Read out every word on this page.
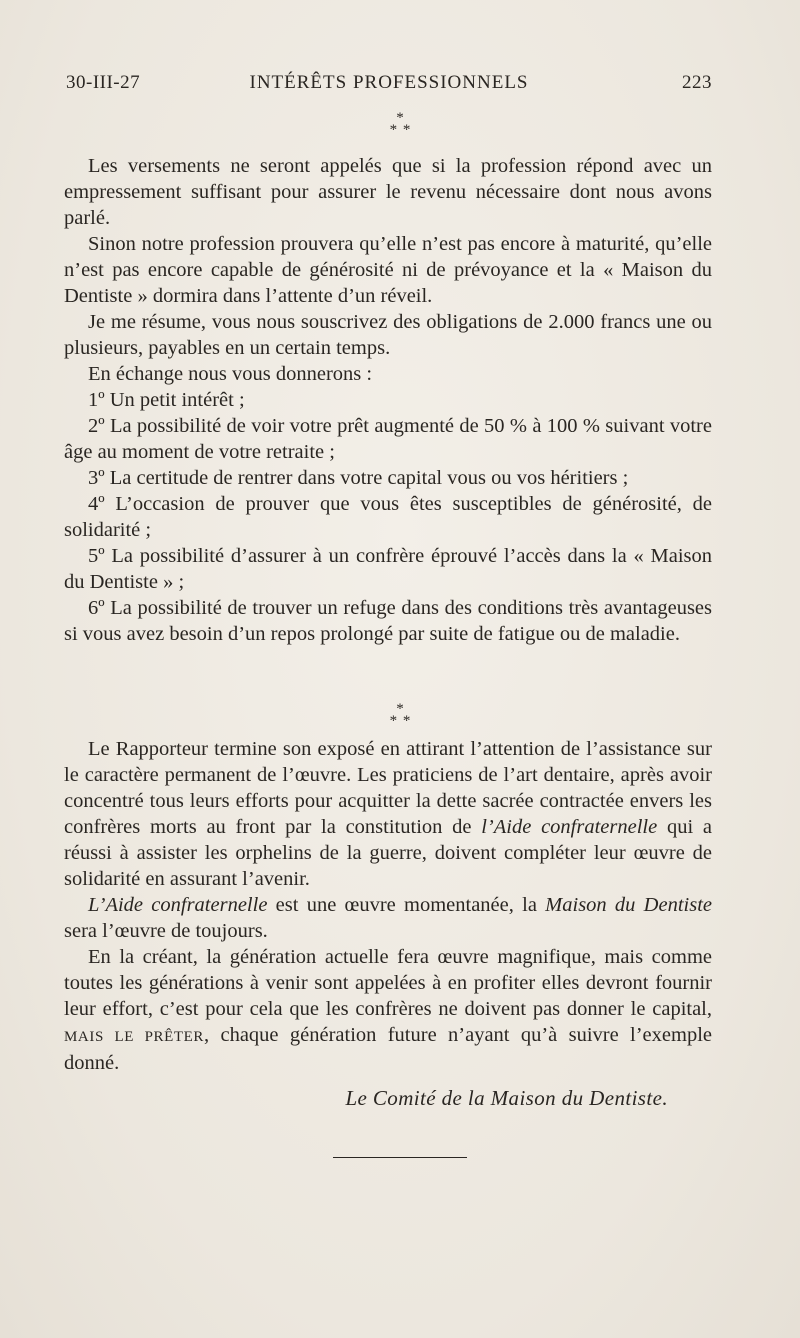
30-III-27	INTÉRÊTS PROFESSIONNELS	223
*
* *

Les versements ne seront appelés que si la profession répond avec un empressement suffisant pour assurer le revenu nécessaire dont nous avons parlé.

Sinon notre profession prouvera qu’elle n’est pas encore à maturité, qu’elle n’est pas encore capable de générosité ni de prévoyance et la « Maison du Dentiste » dormira dans l’attente d’un réveil.

Je me résume, vous nous souscrivez des obligations de 2.000 francs une ou plusieurs, payables en un certain temps.

En échange nous vous donnerons :

1º Un petit intérêt ;

2º La possibilité de voir votre prêt augmenté de 50 % à 100 % suivant votre âge au moment de votre retraite ;

3º La certitude de rentrer dans votre capital vous ou vos héritiers ;

4º L’occasion de prouver que vous êtes susceptibles de générosité, de solidarité ;

5º La possibilité d’assurer à un confrère éprouvé l’accès dans la « Maison du Dentiste » ;

6º La possibilité de trouver un refuge dans des conditions très avantageuses si vous avez besoin d’un repos prolongé par suite de fatigue ou de maladie.

*
* *

Le Rapporteur termine son exposé en attirant l’attention de l’assistance sur le caractère permanent de l’œuvre. Les praticiens de l’art dentaire, après avoir concentré tous leurs efforts pour acquitter la dette sacrée contractée envers les confrères morts au front par la constitution de l’Aide confraternelle qui a réussi à assister les orphelins de la guerre, doivent compléter leur œuvre de solidarité en assurant l’avenir.

L’Aide confraternelle est une œuvre momentanée, la Maison du Dentiste sera l’œuvre de toujours.

En la créant, la génération actuelle fera œuvre magnifique, mais comme toutes les générations à venir sont appelées à en profiter elles devront fournir leur effort, c’est pour cela que les confrères ne doivent pas donner le capital, MAIS LE PRÊTER, chaque génération future n’ayant qu’à suivre l’exemple donné.

Le Comité de la Maison du Dentiste.
